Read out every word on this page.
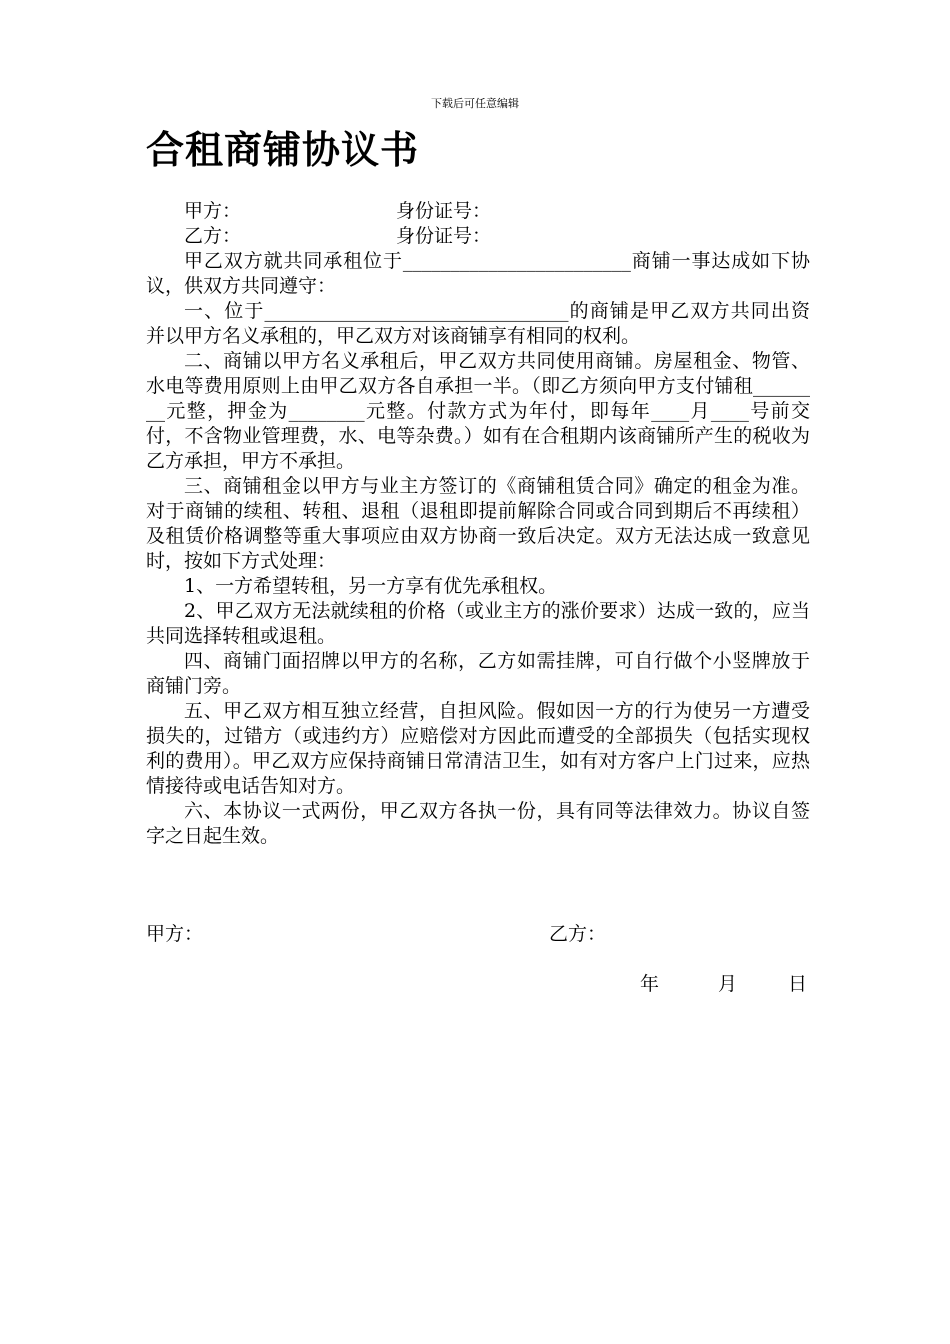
下载后可任意编辑
合租商铺协议书
甲方：	身份证号：
乙方：	身份证号：

甲乙双方就共同承租位于________________________商铺一事达成如下协议，供双方共同遵守：

一、位于________________________________的商铺是甲乙双方共同出资并以甲方名义承租的，甲乙双方对该商铺享有相同的权利。

二、商铺以甲方名义承租后，甲乙双方共同使用商铺。房屋租金、物管、水电等费用原则上由甲乙双方各自承担一半。（即乙方须向甲方支付铺租________元整，押金为________元整。付款方式为年付，即每年____月____号前交付，不含物业管理费，水、电等杂费。）如有在合租期内该商铺所产生的税收为乙方承担，甲方不承担。

三、商铺租金以甲方与业主方签订的《商铺租赁合同》确定的租金为准。对于商铺的续租、转租、退租（退租即提前解除合同或合同到期后不再续租）及租赁价格调整等重大事项应由双方协商一致后决定。双方无法达成一致意见时，按如下方式处理：

1、一方希望转租，另一方享有优先承租权。

2、甲乙双方无法就续租的价格（或业主方的涨价要求）达成一致的，应当共同选择转租或退租。

四、商铺门面招牌以甲方的名称，乙方如需挂牌，可自行做个小竖牌放于商铺门旁。

五、甲乙双方相互独立经营，自担风险。假如因一方的行为使另一方遭受损失的，过错方（或违约方）应赔偿对方因此而遭受的全部损失（包括实现权利的费用）。甲乙双方应保持商铺日常清洁卫生，如有对方客户上门过来，应热情接待或电话告知对方。

六、本协议一式两份，甲乙双方各执一份，具有同等法律效力。协议自签字之日起生效。

甲方：	乙方：
年	月	日
